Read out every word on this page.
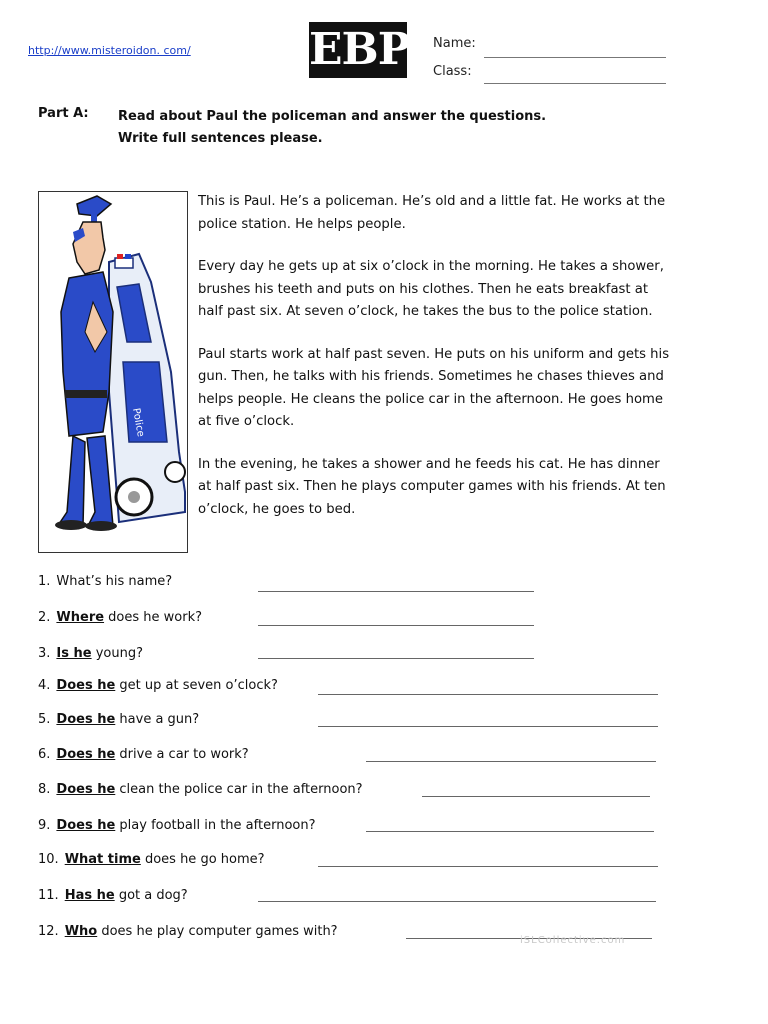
http://www.misteroidon. com/	EBP Name:
Class:
Part A: Read about Paul the policeman and answer the questions.
Write full sentences please.
Police

This is Paul. He’s a policeman. He’s old and a little fat. He works at the police station. He helps people.

Every day he gets up at six o’clock in the morning. He takes a shower, brushes his teeth and puts on his clothes. Then he eats breakfast at half past six. At seven o’clock, he takes the bus to the police station.

Paul starts work at half past seven. He puts on his uniform and gets his gun. Then, he talks with his friends. Sometimes he chases thieves and helps people. He cleans the police car in the afternoon. He goes home at five o’clock.

In the evening, he takes a shower and he feeds his cat. He has dinner at half past six. Then he plays computer games with his friends. At ten o’clock, he goes to bed.

1. What’s his name?
2. Where does he work?
3. Is he young?
4. Does he get up at seven o’clock?
5. Does he have a gun?
6. Does he drive a car to work?
8. Does he clean the police car in the afternoon?
9. Does he play football in the afternoon?
10. What time does he go home?
11. Has he got a dog?
12. Who does he play computer games with?
iSLCollective.com
